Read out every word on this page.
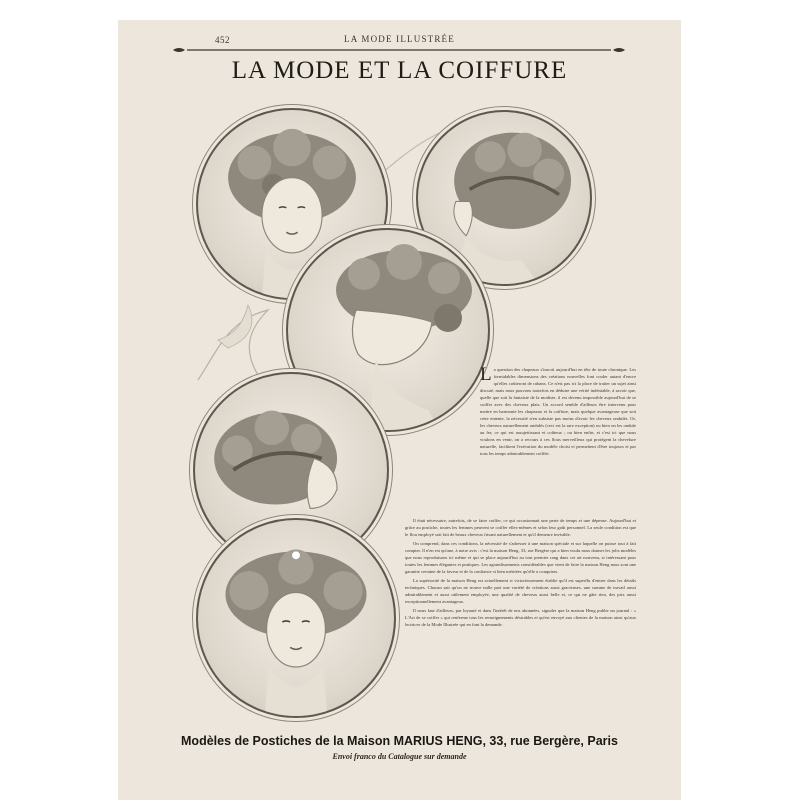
452	LA MODE ILLUSTRÉE
LA MODE ET LA COIFFURE
La question des chapeaux s'inscrit aujourd'hui en tête de toute chronique. Les formidables dimensions des créations nouvelles font couler autant d'encre qu'elles coûteront de rubans. Ce n'est pas ici la place de traiter un sujet ainsi discuté, mais nous pouvons toutefois en déduire une vérité indéniable, à savoir que, quelle que soit la fantaisie de la modiste, il est devenu impossible aujourd'hui de se coiffer avec des cheveux plats. Un accord semble d'ailleurs être intervenu pour mettre en harmonie les chapeaux et la coiffure, mais quelque avantageuse que soit cette entente, la nécessité n'en subsiste pas moins d'avoir les cheveux ondulés. Or, les cheveux naturellement ondulés (ceci est la rare exception) ou bien on les ondule au fer, ce qui est assujettissant et coûteux ; ou bien enfin, et c'est ici que nous voulons en venir, on a recours à ces flous merveilleux qui protègent la chevelure naturelle, facilitent l'exécution du modèle choisi et permettent d'être toujours et par tous les temps admirablement coiffée.
Il était nécessaire, autrefois, de se faire coiffer, ce qui occasionnait une perte de temps et une dépense. Aujourd'hui et grâce au postiche, toutes les femmes peuvent se coiffer elles-mêmes et selon leur goût personnel. La seule condition est que le flou employé soit fait de beaux cheveux frisant naturellement et qu'il demeure invisible.
On comprend, dans ces conditions, la nécessité de s'adresser à une maison spéciale et sur laquelle on puisse tout à fait compter. Il n'en est qu'une, à notre avis : c'est la maison Heng, 33, rue Bergère qui a bien voulu nous donner les jolis modèles que nous reproduisons ici même et qui se place aujourd'hui au tout premier rang dans cet art nouveau, si intéressant pour toutes les femmes élégantes et pratiques. Les agrandissements considérables que vient de faire la maison Heng nous sont une garantie certaine de la faveur et de la confiance si bien méritées qu'elle a conquises.
La supériorité de la maison Heng est actuellement si victorieusement établie qu'il est superflu d'entrer dans les détails techniques. Chacun sait qu'on ne trouve nulle part une variété de créations aussi gracieuses, une somme de travail aussi admirablement et aussi utilement employée, une qualité de cheveux aussi belle et, ce qui ne gâte rien, des prix aussi exceptionnellement avantageux.
Il nous faut d'ailleurs, par loyauté et dans l'intérêt de nos abonnées, signaler que la maison Heng publie un journal : « L'Art de se coiffer » qui renferme tous les renseignements désirables et qu'est envoyé aux clientes de la maison ainsi qu'aux lectrices de la Mode Illustrée qui en font la demande.
Modèles de Postiches de la Maison MARIUS HENG, 33, rue Bergère, Paris
Envoi franco du Catalogue sur demande
